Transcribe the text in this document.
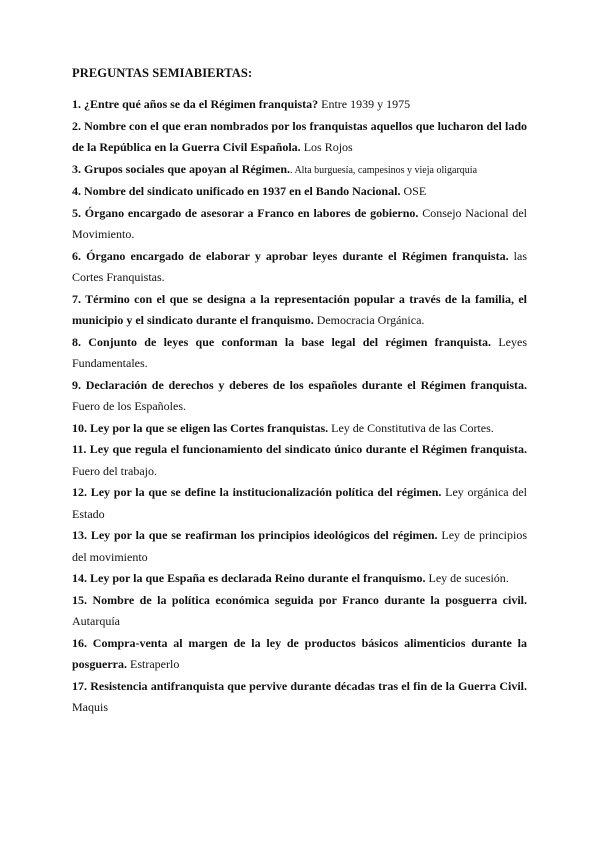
PREGUNTAS SEMIABIERTAS:

1. ¿Entre qué años se da el Régimen franquista? Entre 1939 y 1975

2. Nombre con el que eran nombrados por los franquistas aquellos que lucharon del lado de la República en la Guerra Civil Española. Los Rojos

3. Grupos sociales que apoyan al Régimen.. Alta burguesía, campesinos y vieja oligarquía

4. Nombre del sindicato unificado en 1937 en el Bando Nacional. OSE

5. Órgano encargado de asesorar a Franco en labores de gobierno. Consejo Nacional del Movimiento.

6. Órgano encargado de elaborar y aprobar leyes durante el Régimen franquista. las Cortes Franquistas.

7. Término con el que se designa a la representación popular a través de la familia, el municipio y el sindicato durante el franquismo. Democracia Orgánica.

8. Conjunto de leyes que conforman la base legal del régimen franquista. Leyes Fundamentales.

9. Declaración de derechos y deberes de los españoles durante el Régimen franquista. Fuero de los Españoles.

10. Ley por la que se eligen las Cortes franquistas. Ley de Constitutiva de las Cortes.

11. Ley que regula el funcionamiento del sindicato único durante el Régimen franquista. Fuero del trabajo.

12. Ley por la que se define la institucionalización política del régimen. Ley orgánica del Estado

13. Ley por la que se reafirman los principios ideológicos del régimen. Ley de principios del movimiento

14. Ley por la que España es declarada Reino durante el franquismo. Ley de sucesión.

15. Nombre de la política económica seguida por Franco durante la posguerra civil. Autarquía

16. Compra-venta al margen de la ley de productos básicos alimenticios durante la posguerra. Estraperlo

17. Resistencia antifranquista que pervive durante décadas tras el fin de la Guerra Civil. Maquis
